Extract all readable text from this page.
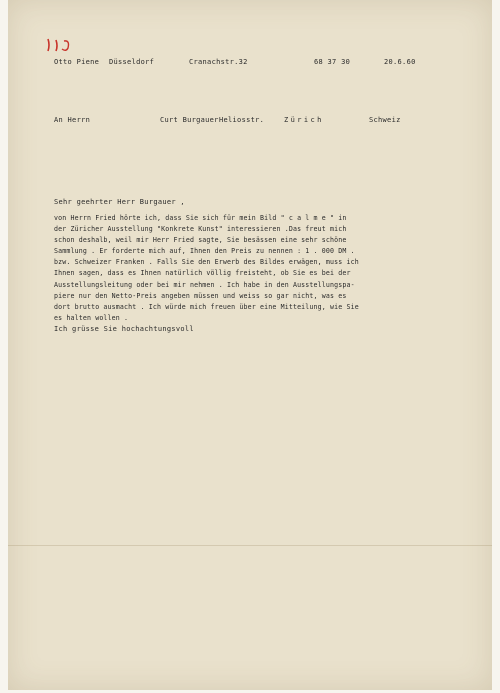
Otto Piene Düsseldorf	Cranachstr.32	68 37 30	20.6.60
An Herrn	Curt Burgauer Heliosstr.	Zürich	Schweiz
Sehr geehrter Herr Burgauer ,
von Herrn Fried hörte ich, dass Sie sich für mein Bild " c a l m e " in
der Züricher Ausstellung "Konkrete Kunst" interessieren .Das freut mich
schon deshalb, weil mir Herr Fried sagte, Sie besässen eine sehr schöne
Sammlung . Er forderte mich auf, Ihnen den Preis zu nennen : 1 . 000 DM .
bzw. Schweizer Franken . Falls Sie den Erwerb des Bildes erwägen, muss ich
Ihnen sagen, dass es Ihnen natürlich völlig freisteht, ob Sie es bei der
Ausstellungsleitung oder bei mir nehmen . Ich habe in den Ausstellungspa-
piere nur den Netto-Preis angeben müssen und weiss so gar nicht, was es
dort brutto ausmacht . Ich würde mich freuen über eine Mitteilung, wie Sie
es halten wollen .
Ich grüsse Sie hochachtungsvoll
